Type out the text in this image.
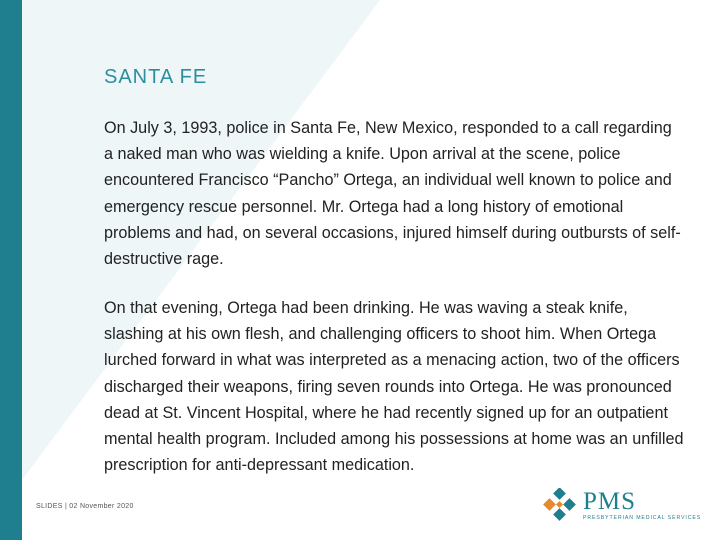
SANTA FE
On July 3, 1993, police in Santa Fe, New Mexico, responded to a call regarding a naked man who was wielding a knife. Upon arrival at the scene, police encountered Francisco “Pancho” Ortega, an individual well known to police and emergency rescue personnel. Mr. Ortega had a long history of emotional problems and had, on several occasions, injured himself during outbursts of self-destructive rage.
On that evening, Ortega had been drinking. He was waving a steak knife, slashing at his own flesh, and challenging officers to shoot him. When Ortega lurched forward in what was interpreted as a menacing action, two of the officers discharged their weapons, firing seven rounds into Ortega. He was pronounced dead at St. Vincent Hospital, where he had recently signed up for an outpatient mental health program. Included among his possessions at home was an unfilled prescription for anti-depressant medication.
SLIDES | 02 November 2020	PMS
PRESBYTERIAN MEDICAL SERVICES
